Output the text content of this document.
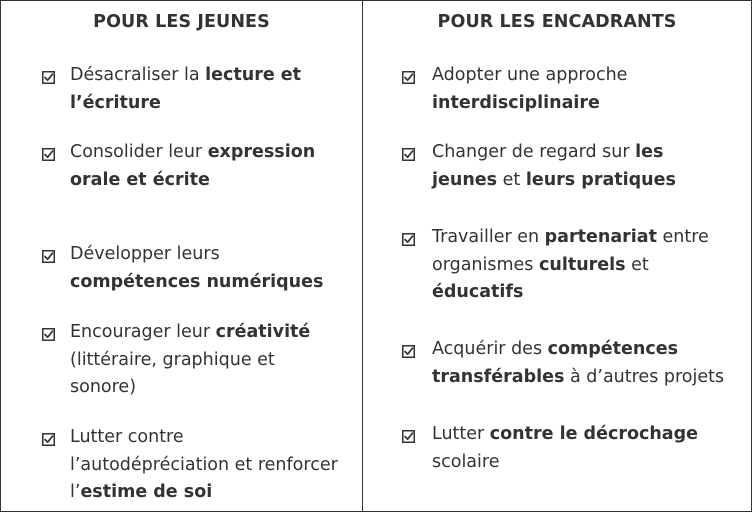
POUR LES JEUNES
Désacraliser la lecture et
l’écriture
Consolider leur expression
orale et écrite
Développer leurs
compétences numériques
Encourager leur créativité
(littéraire, graphique et
sonore)
Lutter contre
l’autodépréciation et renforcer
l’estime de soi
POUR LES ENCADRANTS
Adopter une approche
interdisciplinaire
Changer de regard sur les
jeunes et leurs pratiques
Travailler en partenariat entre
organismes culturels et
éducatifs
Acquérir des compétences
transférables à d’autres projets
Lutter contre le décrochage
scolaire
